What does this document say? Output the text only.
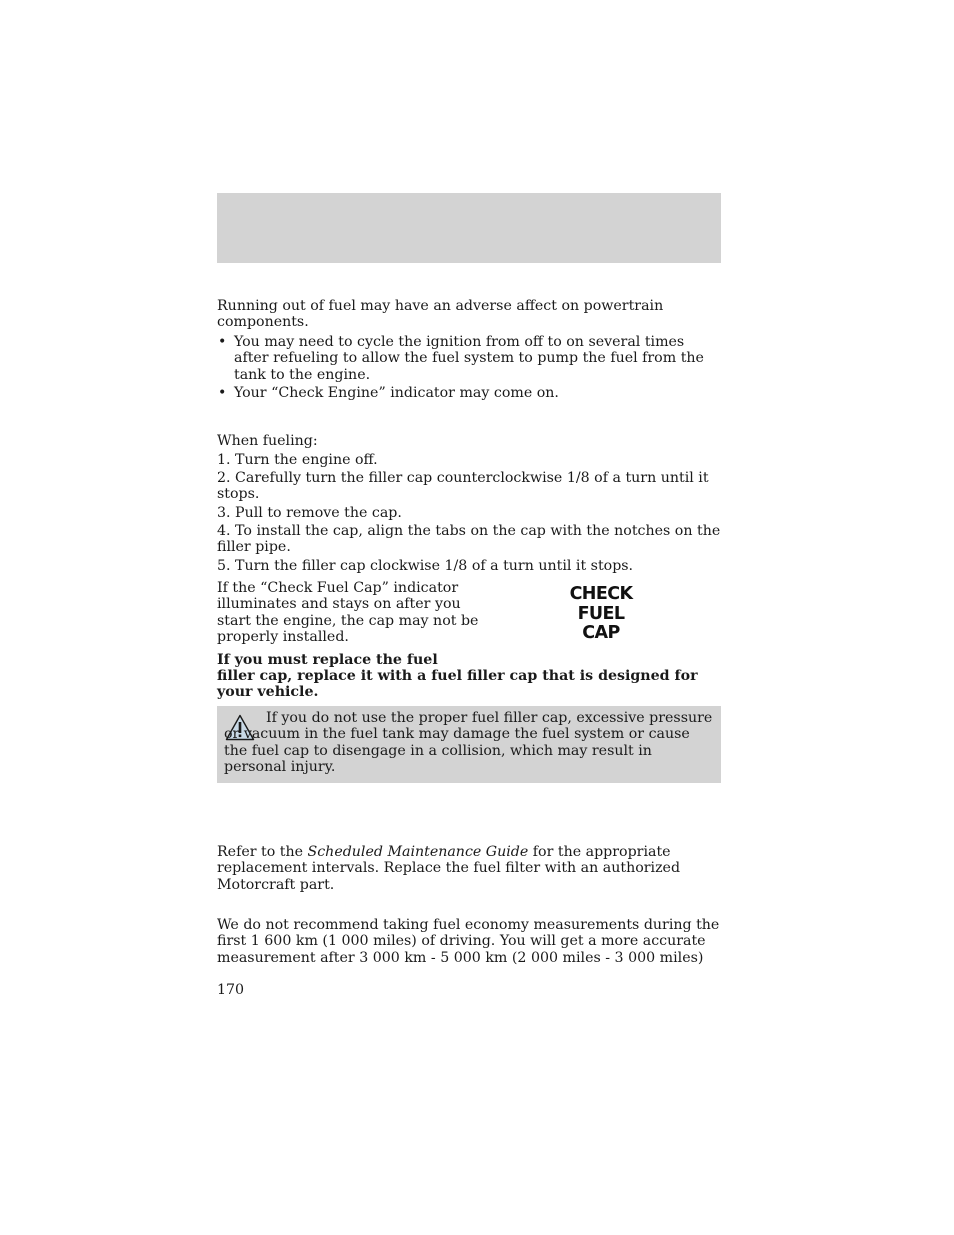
Running out of fuel may have an adverse affect on powertrain components.

• You may need to cycle the ignition from off to on several times after refueling to allow the fuel system to pump the fuel from the tank to the engine.
• Your “Check Engine” indicator may come on.

When fueling:

1. Turn the engine off.
2. Carefully turn the filler cap counterclockwise 1/8 of a turn until it stops.
3. Pull to remove the cap.
4. To install the cap, align the tabs on the cap with the notches on the filler pipe.
5. Turn the filler cap clockwise 1/8 of a turn until it stops.
If the “Check Fuel Cap” indicator illuminates and stays on after you start the engine, the cap may not be properly installed.
CHECK
FUEL
CAP
If you must replace the fuel
filler cap, replace it with a fuel filler cap that is designed for your vehicle.
If you do not use the proper fuel filler cap, excessive pressure or vacuum in the fuel tank may damage the fuel system or cause the fuel cap to disengage in a collision, which may result in personal injury.

Refer to the Scheduled Maintenance Guide for the appropriate replacement intervals. Replace the fuel filter with an authorized Motorcraft part.

We do not recommend taking fuel economy measurements during the first 1 600 km (1 000 miles) of driving. You will get a more accurate measurement after 3 000 km - 5 000 km (2 000 miles - 3 000 miles)

170
